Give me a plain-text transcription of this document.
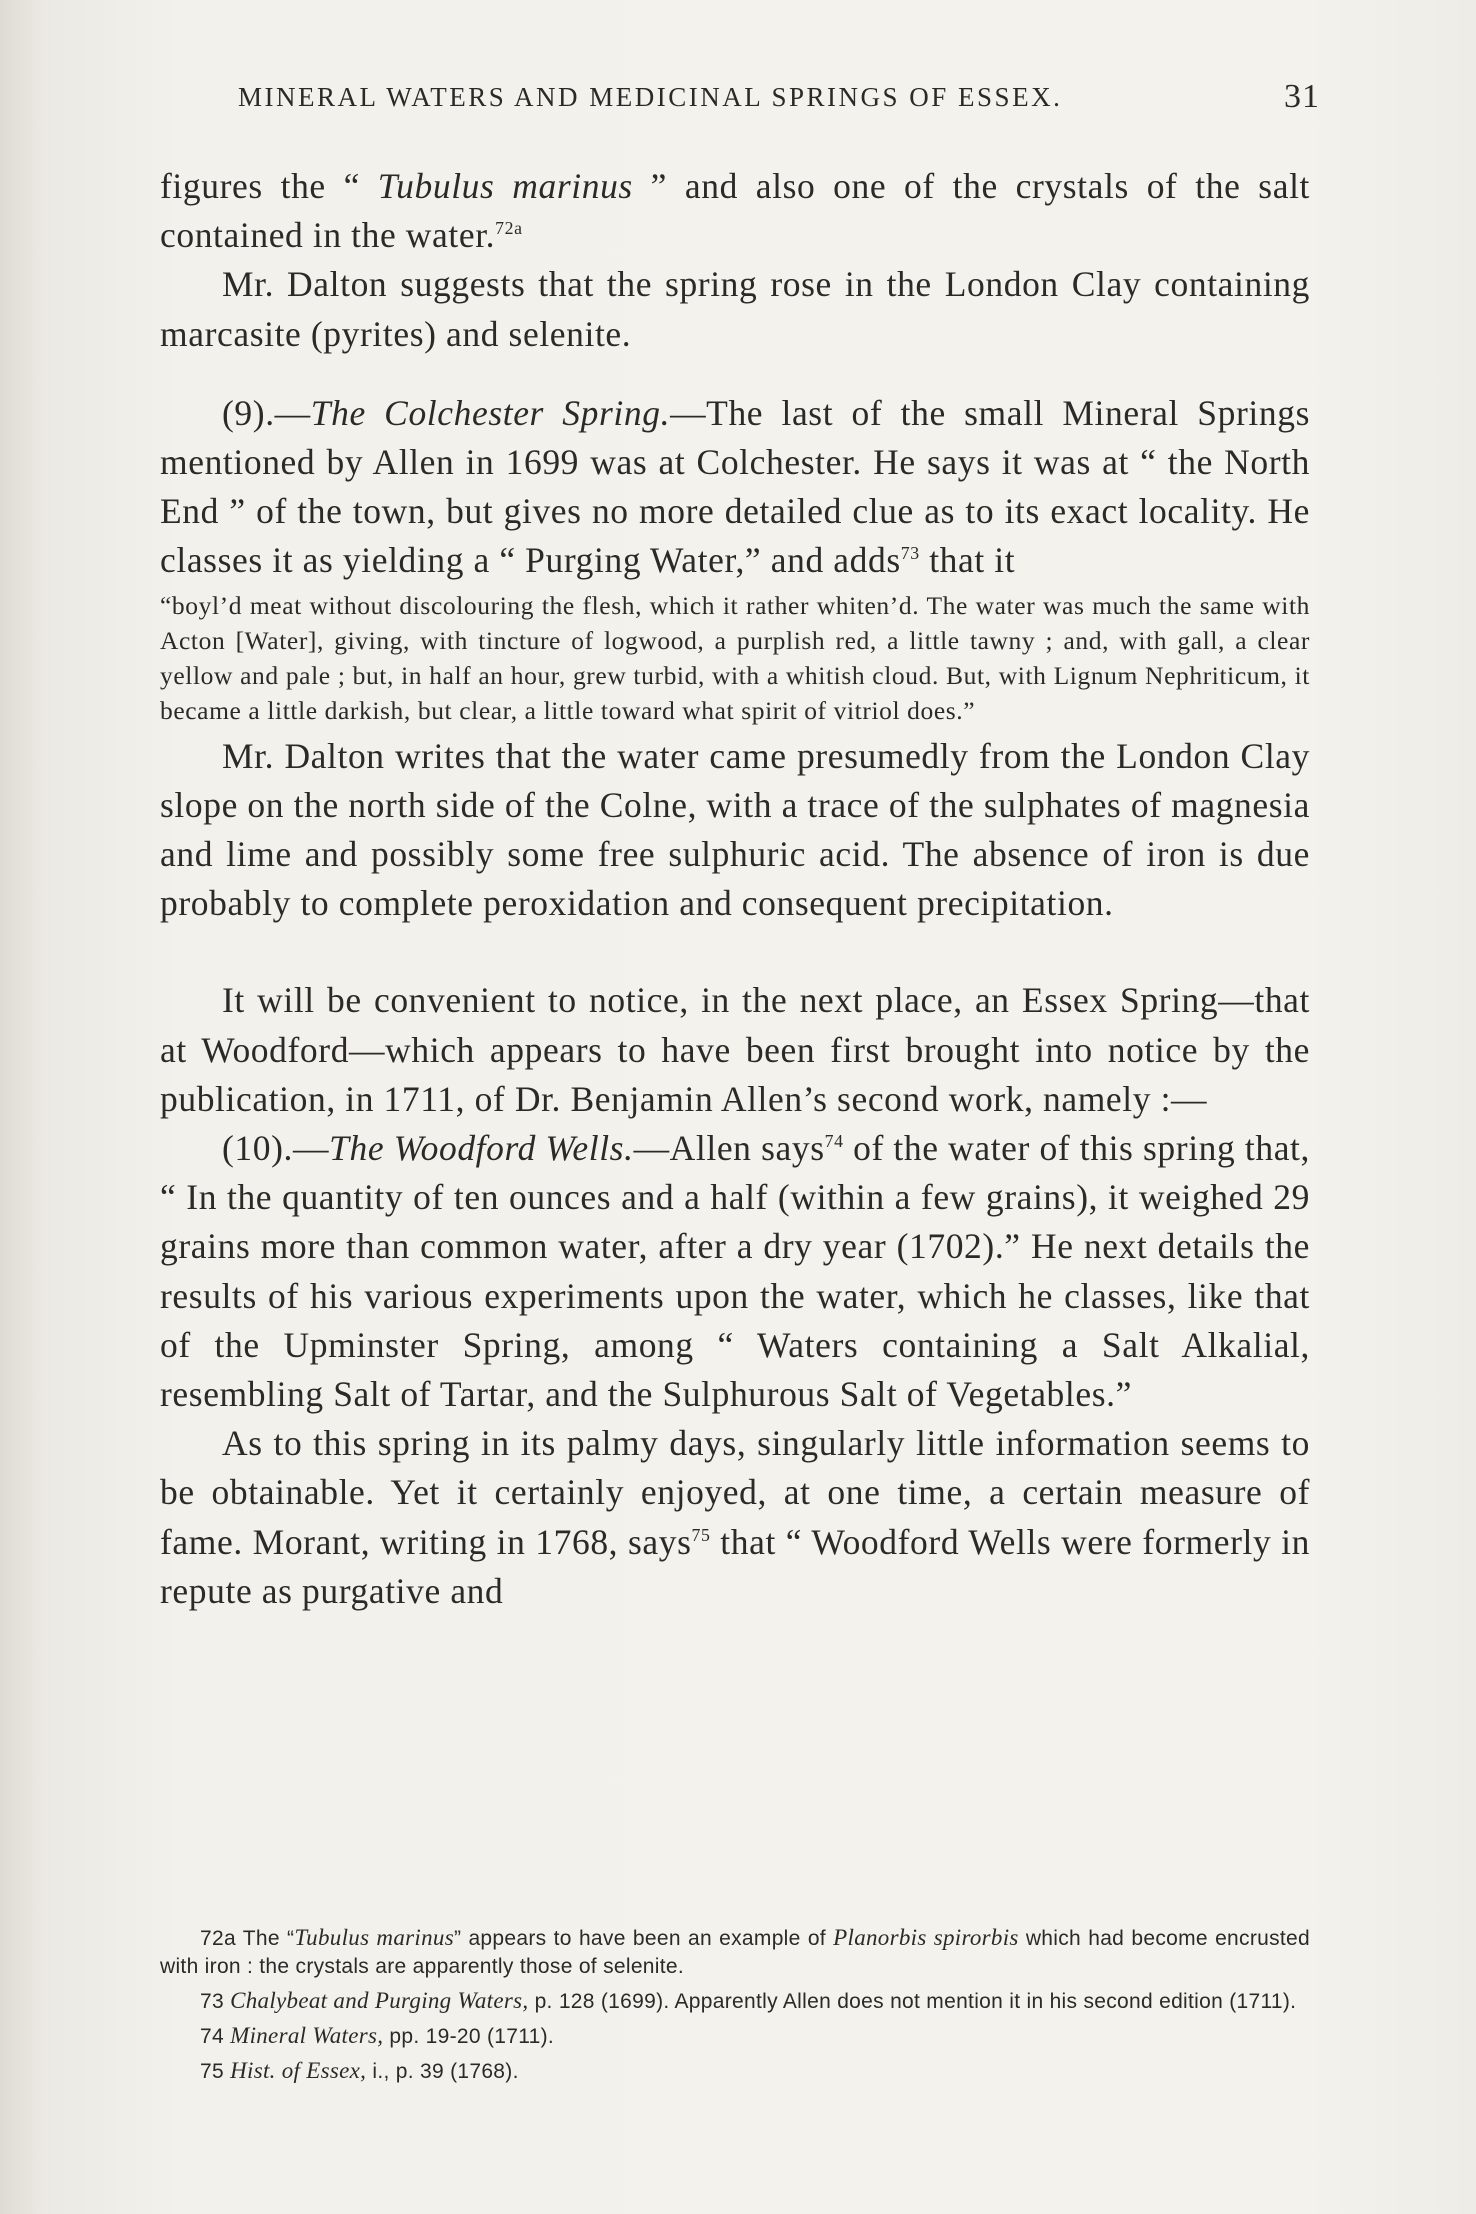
MINERAL WATERS AND MEDICINAL SPRINGS OF ESSEX.	31

figures the “ Tubulus marinus ” and also one of the crystals of the salt contained in the water.$^{72a}$

Mr. Dalton suggests that the spring rose in the London Clay containing marcasite (pyrites) and selenite.

(9).—The Colchester Spring.—The last of the small Mineral Springs mentioned by Allen in 1699 was at Colchester. He says it was at “ the North End ” of the town, but gives no more detailed clue as to its exact locality. He classes it as yielding a “ Purging Water,” and adds$^{73}$ that it

“boyl’d meat without discolouring the flesh, which it rather whiten’d. The water was much the same with Acton [Water], giving, with tincture of logwood, a purplish red, a little tawny ; and, with gall, a clear yellow and pale ; but, in half an hour, grew turbid, with a whitish cloud. But, with Lignum Nephriticum, it became a little darkish, but clear, a little toward what spirit of vitriol does.”

Mr. Dalton writes that the water came presumedly from the London Clay slope on the north side of the Colne, with a trace of the sulphates of magnesia and lime and possibly some free sulphuric acid. The absence of iron is due probably to complete peroxidation and consequent precipitation.

It will be convenient to notice, in the next place, an Essex Spring—that at Woodford—which appears to have been first brought into notice by the publication, in 1711, of Dr. Benjamin Allen’s second work, namely :—

(10).—The Woodford Wells.—Allen says$^{74}$ of the water of this spring that, “ In the quantity of ten ounces and a half (within a few grains), it weighed 29 grains more than common water, after a dry year (1702).” He next details the results of his various experiments upon the water, which he classes, like that of the Upminster Spring, among “ Waters containing a Salt Alkalial, resembling Salt of Tartar, and the Sulphurous Salt of Vegetables.”

As to this spring in its palmy days, singularly little information seems to be obtainable. Yet it certainly enjoyed, at one time, a certain measure of fame. Morant, writing in 1768, says$^{75}$ that “ Woodford Wells were formerly in repute as purgative and

72a The “Tubulus marinus” appears to have been an example of Planorbis spirorbis which had become encrusted with iron : the crystals are apparently those of selenite.

73 Chalybeat and Purging Waters, p. 128 (1699). Apparently Allen does not mention it in his second edition (1711).

74 Mineral Waters, pp. 19-20 (1711).

75 Hist. of Essex, i., p. 39 (1768).
